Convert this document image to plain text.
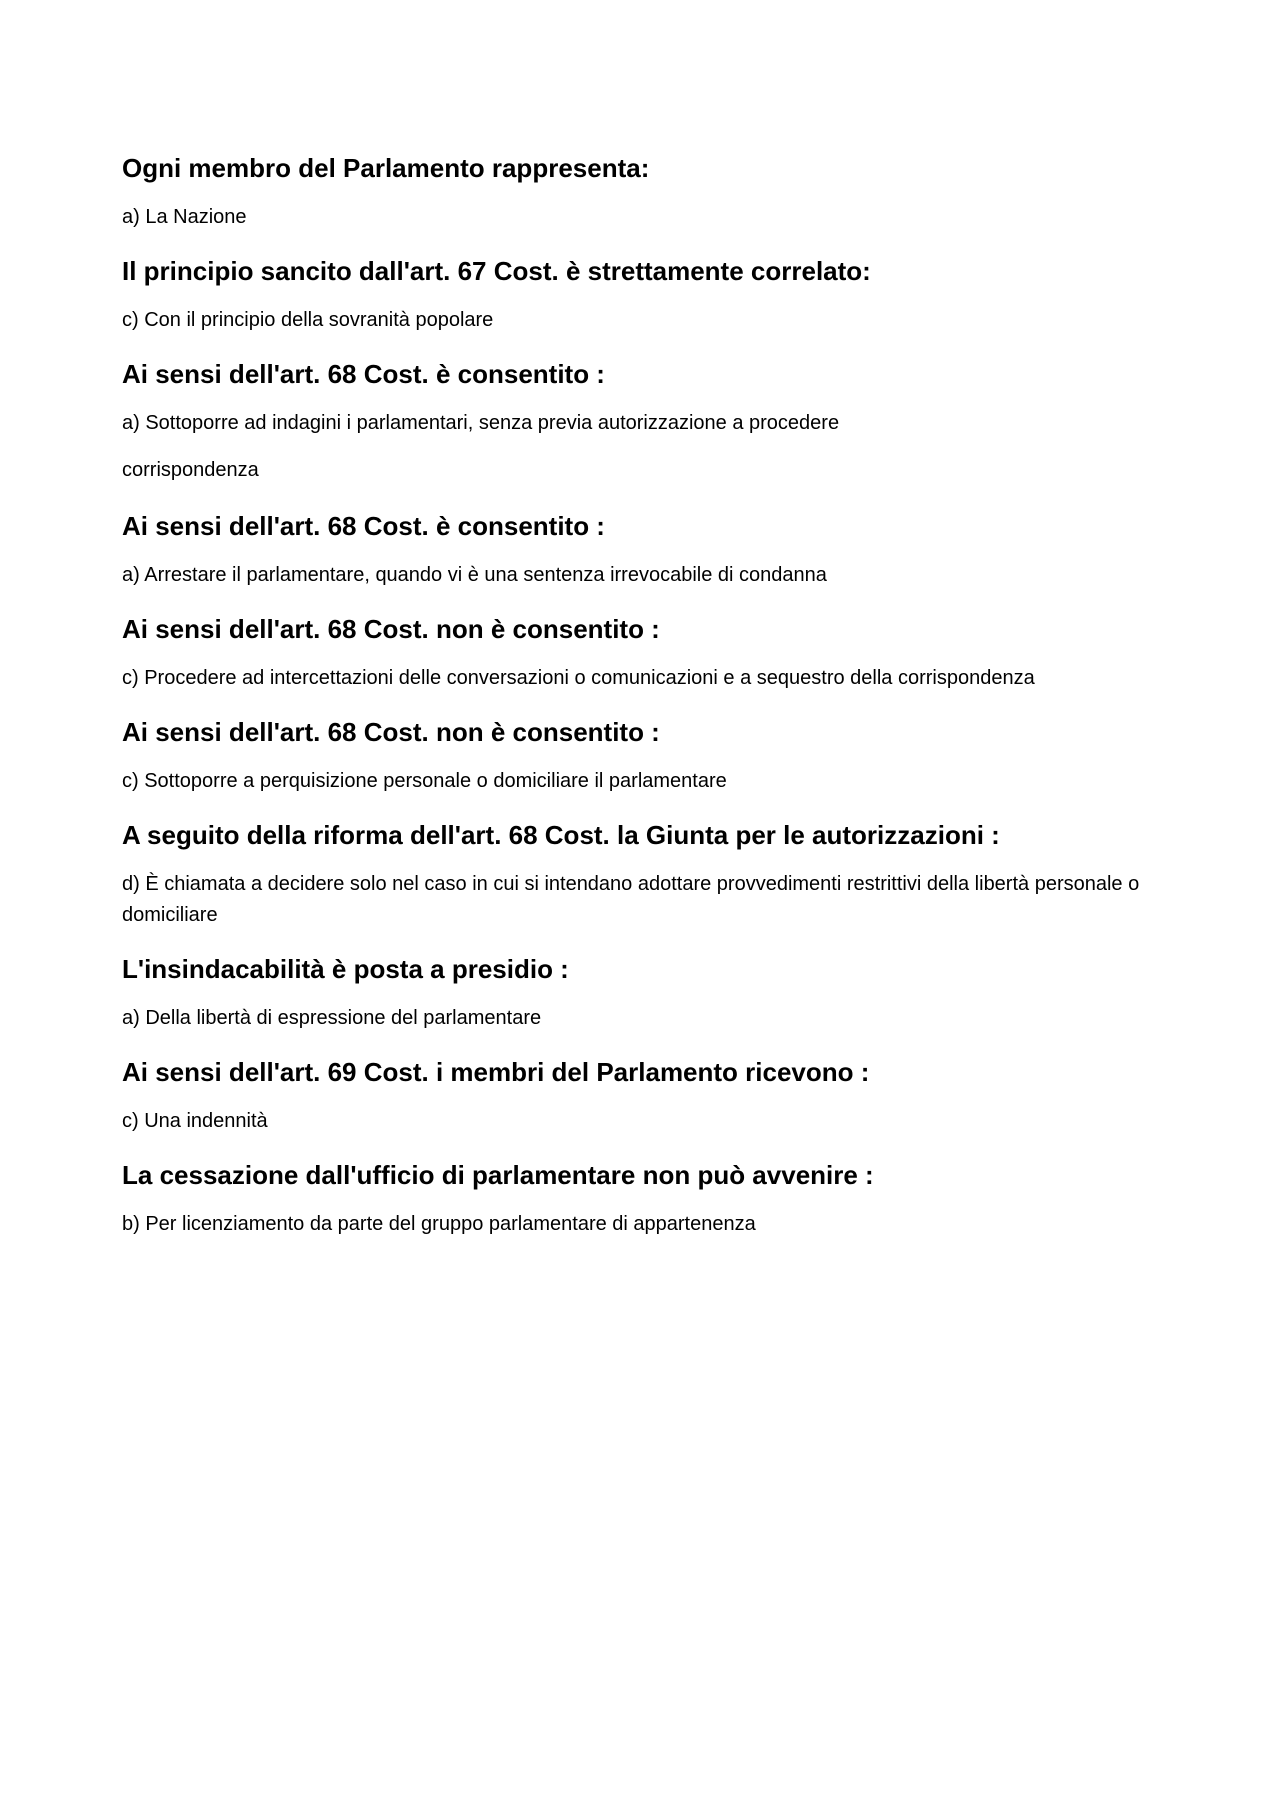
Ogni membro del Parlamento rappresenta:
a) La Nazione
Il principio sancito dall'art. 67 Cost. è strettamente correlato:
c) Con il principio della sovranità popolare
Ai sensi dell'art. 68 Cost. è consentito :
a) Sottoporre ad indagini i parlamentari, senza previa autorizzazione a procedere
corrispondenza
Ai sensi dell'art. 68 Cost. è consentito :
a) Arrestare il parlamentare, quando vi è una sentenza irrevocabile di condanna
Ai sensi dell'art. 68 Cost. non è consentito :
c) Procedere ad intercettazioni delle conversazioni o comunicazioni e a sequestro della corrispondenza
Ai sensi dell'art. 68 Cost. non è consentito :
c) Sottoporre a perquisizione personale o domiciliare il parlamentare
A seguito della riforma dell'art. 68 Cost. la Giunta per le autorizzazioni :
d) È chiamata a decidere solo nel caso in cui si intendano adottare provvedimenti restrittivi della libertà personale o domiciliare
L'insindacabilità è posta a presidio :
a) Della libertà di espressione del parlamentare
Ai sensi dell'art. 69 Cost. i membri del Parlamento ricevono :
c) Una indennità
La cessazione dall'ufficio di parlamentare non può avvenire :
b) Per licenziamento da parte del gruppo parlamentare di appartenenza
